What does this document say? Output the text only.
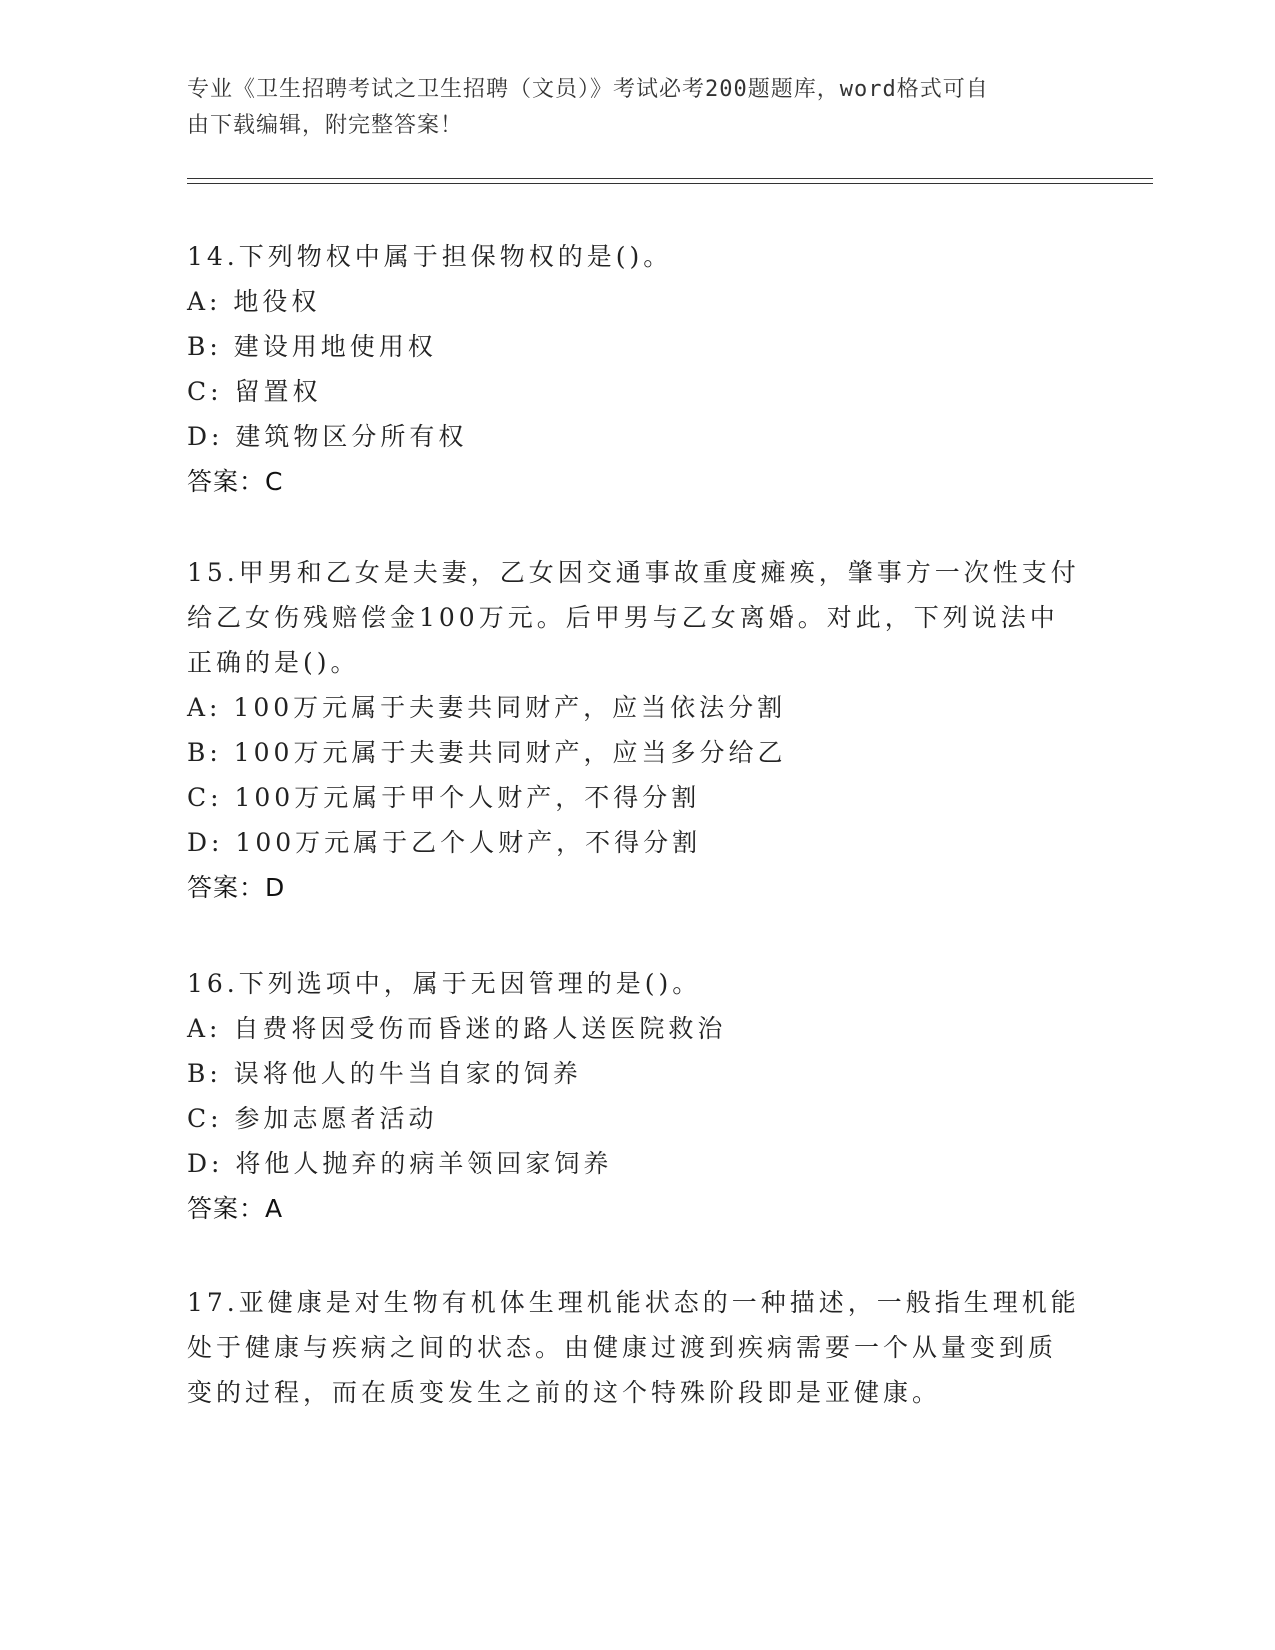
专业《卫生招聘考试之卫生招聘（文员）》考试必考200题题库，word格式可自
由下载编辑，附完整答案！
14.下列物权中属于担保物权的是()。
A: 地役权
B: 建设用地使用权
C: 留置权
D: 建筑物区分所有权
答案：C
15.甲男和乙女是夫妻，乙女因交通事故重度瘫痪，肇事方一次性支付
给乙女伤残赔偿金100万元。后甲男与乙女离婚。对此，下列说法中
正确的是()。
A: 100万元属于夫妻共同财产，应当依法分割
B: 100万元属于夫妻共同财产，应当多分给乙
C: 100万元属于甲个人财产，不得分割
D: 100万元属于乙个人财产，不得分割
答案：D
16.下列选项中，属于无因管理的是()。
A: 自费将因受伤而昏迷的路人送医院救治
B: 误将他人的牛当自家的饲养
C: 参加志愿者活动
D: 将他人抛弃的病羊领回家饲养
答案：A
17.亚健康是对生物有机体生理机能状态的一种描述，一般指生理机能
处于健康与疾病之间的状态。由健康过渡到疾病需要一个从量变到质
变的过程，而在质变发生之前的这个特殊阶段即是亚健康。
